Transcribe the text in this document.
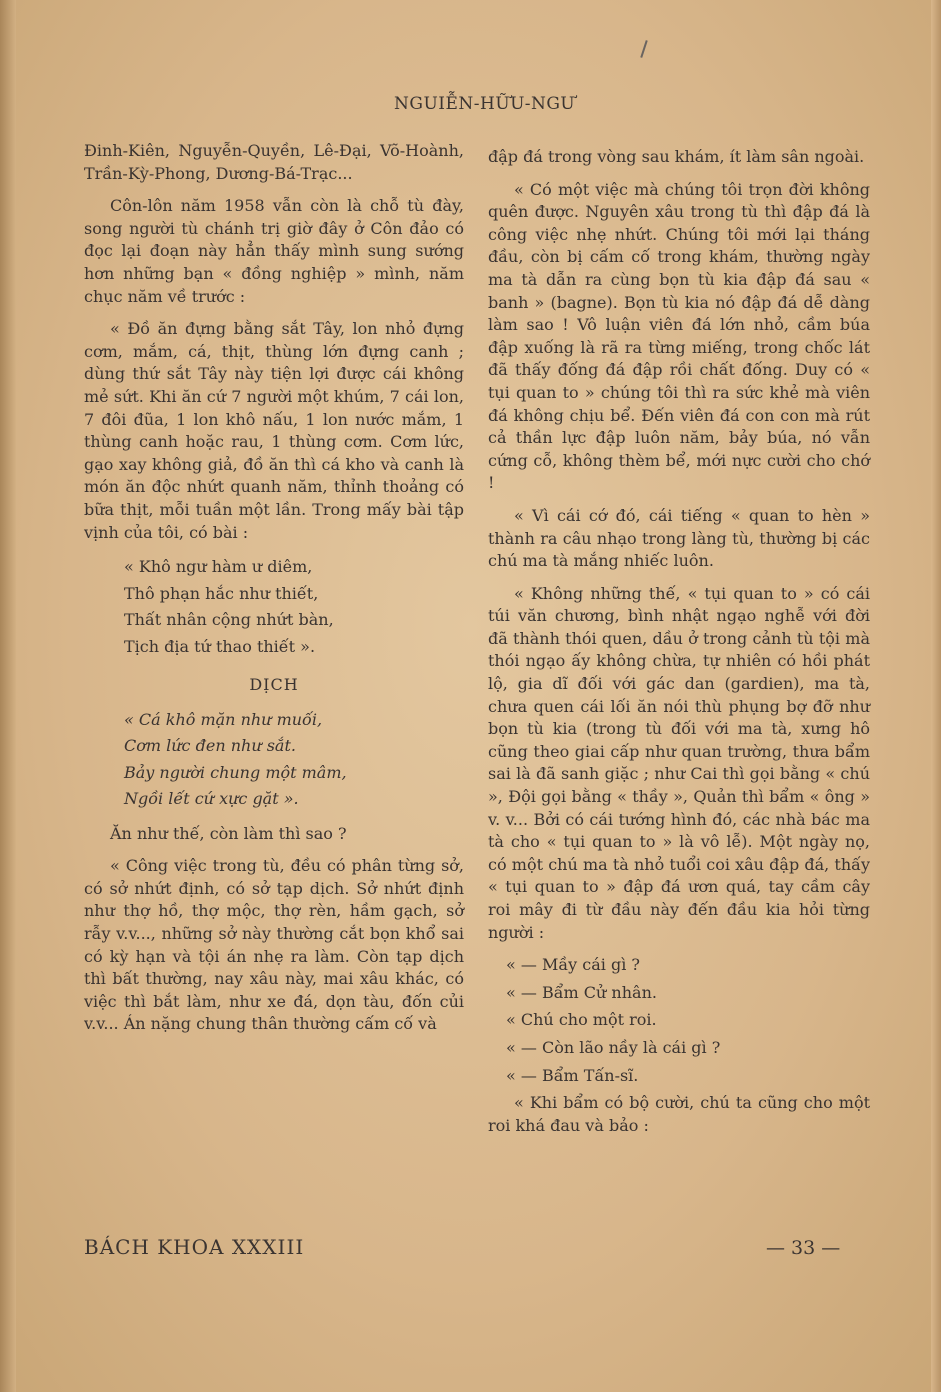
NGUIỄN-HỮU-NGƯ

Đinh-Kiên, Nguyễn-Quyền, Lê-Đại, Võ-Hoành, Trần-Kỳ-Phong, Dương-Bá-Trạc...

Côn-lôn năm 1958 vẫn còn là chỗ tù đày, song người tù chánh trị giờ đây ở Côn đảo có đọc lại đoạn này hẳn thấy mình sung sướng hơn những bạn « đồng nghiệp » mình, năm chục năm về trước :

« Đồ ăn đựng bằng sắt Tây, lon nhỏ đựng cơm, mắm, cá, thịt, thùng lớn đựng canh ; dùng thứ sắt Tây này tiện lợi được cái không mẻ sứt. Khi ăn cứ 7 người một khúm, 7 cái lon, 7 đôi đũa, 1 lon khô nấu, 1 lon nước mắm, 1 thùng canh hoặc rau, 1 thùng cơm. Cơm lức, gạo xay không giả, đồ ăn thì cá kho và canh là món ăn độc nhứt quanh năm, thỉnh thoảng có bữa thịt, mỗi tuần một lần. Trong mấy bài tập vịnh của tôi, có bài :

« Khô ngư hàm ư diêm,
Thô phạn hắc như thiết,
Thất nhân cộng nhứt bàn,
Tịch địa tứ thao thiết ».
DỊCH
« Cá khô mặn như muối,
Cơm lức đen như sắt.
Bảy người chung một mâm,
Ngồi lết cứ xực gặt ».

Ăn như thế, còn làm thì sao ?

« Công việc trong tù, đều có phân từng sở, có sở nhứt định, có sở tạp dịch. Sở nhứt định như thợ hồ, thợ mộc, thợ rèn, hầm gạch, sở rẫy v.v..., những sở này thường cắt bọn khổ sai có kỳ hạn và tội án nhẹ ra làm. Còn tạp dịch thì bất thường, nay xâu này, mai xâu khác, có việc thì bắt làm, như xe đá, dọn tàu, đốn củi v.v... Án nặng chung thân thường cấm cố và

đập đá trong vòng sau khám, ít làm sân ngoài.

« Có một việc mà chúng tôi trọn đời không quên được. Nguyên xâu trong tù thì đập đá là công việc nhẹ nhứt. Chúng tôi mới lại tháng đầu, còn bị cấm cố trong khám, thường ngày ma tà dẫn ra cùng bọn tù kia đập đá sau « banh » (bagne). Bọn tù kia nó đập đá dễ dàng làm sao ! Vô luận viên đá lớn nhỏ, cầm búa đập xuống là rã ra từng miếng, trong chốc lát đã thấy đống đá đập rồi chất đống. Duy có « tụi quan to » chúng tôi thì ra sức khẻ mà viên đá không chịu bể. Đến viên đá con con mà rút cả thần lực đập luôn năm, bảy búa, nó vẫn cứng cỗ, không thèm bể, mới nực cười cho chớ !

« Vì cái cớ đó, cái tiếng « quan to hèn » thành ra câu nhạo trong làng tù, thường bị các chú ma tà mắng nhiếc luôn.

« Không những thế, « tụi quan to » có cái túi văn chương, bình nhật ngạo nghễ với đời đã thành thói quen, dầu ở trong cảnh tù tội mà thói ngạo ấy không chừa, tự nhiên có hồi phát lộ, gia dĩ đối với gác dan (gardien), ma tà, chưa quen cái lối ăn nói thù phụng bợ đỡ như bọn tù kia (trong tù đối với ma tà, xưng hô cũng theo giai cấp như quan trường, thưa bẩm sai là đã sanh giặc ; như Cai thì gọi bằng « chú », Đội gọi bằng « thầy », Quản thì bẩm « ông » v. v... Bởi có cái tướng hình đó, các nhà bác ma tà cho « tụi quan to » là vô lễ). Một ngày nọ, có một chú ma tà nhỏ tuổi coi xâu đập đá, thấy « tụi quan to » đập đá ươn quá, tay cầm cây roi mây đi từ đầu này đến đầu kia hỏi từng người :

« — Mầy cái gì ?
« — Bẩm Cử nhân.
« Chú cho một roi.
« — Còn lão nầy là cái gì ?
« — Bẩm Tấn-sĩ.

« Khi bẩm có bộ cười, chú ta cũng cho một roi khá đau và bảo :

BÁCH KHOA XXXIII	— 33 —
